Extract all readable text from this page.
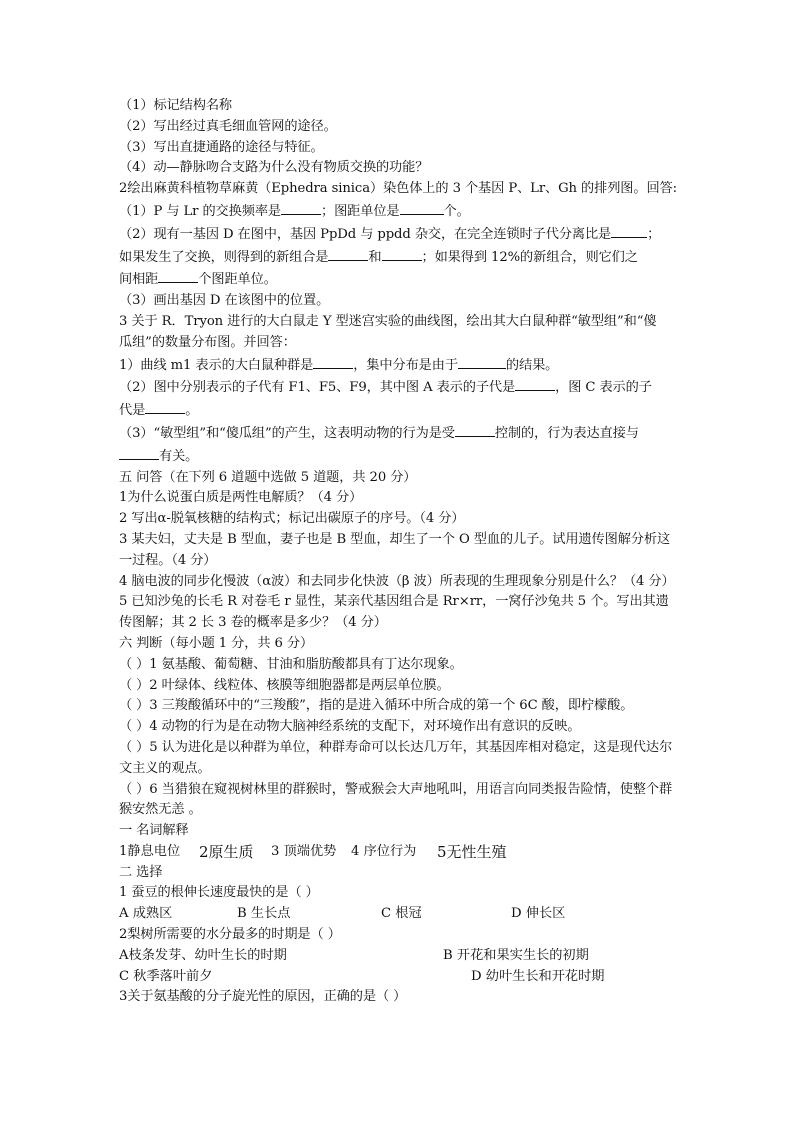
（1）标记结构名称
（2）写出经过真毛细血管网的途径。
（3）写出直捷通路的途径与特征。
（4）动—静脉吻合支路为什么没有物质交换的功能？
2绘出麻黄科植物草麻黄（Ephedra sinica）染色体上的 3 个基因 P、Lr、Gh 的排列图。回答:
（1）P 与 Lr 的交换频率是	；图距单位是	个。
（2）现有一基因 D 在图中，基因 PpDd 与 ppdd 杂交，在完全连锁时子代分离比是	；
如果发生了交换，则得到的新组合是	和	；如果得到 12%的新组合，则它们之
间相距	个图距单位。
（3）画出基因 D 在该图中的位置。
3 关于 R．Tryon 进行的大白鼠走 Y 型迷宫实验的曲线图，绘出其大白鼠种群“敏型组”和“傻
瓜组”的数量分布图。并回答：
1）曲线 m1 表示的大白鼠种群是	，集中分布是由于	的结果。
（2）图中分别表示的子代有 F1、F5、F9，其中图 A 表示的子代是	，图 C 表示的子
代是	。
（3）“敏型组”和“傻瓜组”的产生，这表明动物的行为是受	控制的，行为表达直接与
有关。
五 问答（在下列 6 道题中选做 5 道题，共 20 分）
1为什么说蛋白质是两性电解质？（4 分）
2 写出α-脱氧核糖的结构式；标记出碳原子的序号。（4 分）
3 某夫妇，丈夫是 B 型血，妻子也是 B 型血，却生了一个 O 型血的儿子。试用遗传图解分析这一过程。（4 分）
4 脑电波的同步化慢波（α波）和去同步化快波（β 波）所表现的生理现象分别是什么？（4 分）
5 已知沙兔的长毛 R 对卷毛 r 显性，某亲代基因组合是 Rr×rr，一窝仔沙兔共 5 个。写出其遗传图解；其 2 长 3 卷的概率是多少？（4 分）
六 判断（每小题 1 分，共 6 分）
（ ）1 氨基酸、葡萄糖、甘油和脂肪酸都具有丁达尔现象。
（ ）2 叶绿体、线粒体、核膜等细胞器都是两层单位膜。
（ ）3 三羧酸循环中的“三羧酸”，指的是进入循环中所合成的第一个 6C 酸，即柠檬酸。
（ ）4 动物的行为是在动物大脑神经系统的支配下，对环境作出有意识的反映。
（ ）5 认为进化是以种群为单位，种群寿命可以长达几万年，其基因库相对稳定，这是现代达尔文主义的观点。
（ ）6 当猎狼在窥视树林里的群猴时，警戒猴会大声地吼叫，用语言向同类报告险情，使整个群猴安然无恙 。
一 名词解释
1静息电位 2原生质 3 顶端优势 4 序位行为 5无性生殖
二 选择
1 蚕豆的根伸长速度最快的是（ ）
A 成熟区	B 生长点	C 根冠	D 伸长区
2梨树所需要的水分最多的时期是（ ）
A枝条发芽、幼叶生长的时期	B 开花和果实生长的初期
C 秋季落叶前夕	D 幼叶生长和开花时期
3关于氨基酸的分子旋光性的原因，正确的是（ ）
